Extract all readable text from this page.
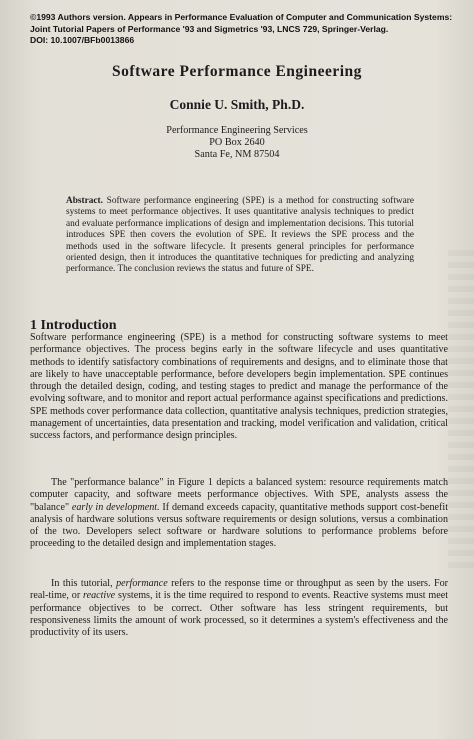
©1993 Authors version. Appears in Performance Evaluation of Computer and Communication Systems:
Joint Tutorial Papers of Performance '93 and Sigmetrics '93, LNCS 729, Springer-Verlag.
DOI: 10.1007/BFb0013866
Software Performance Engineering
Connie U. Smith, Ph.D.
Performance Engineering Services
PO Box 2640
Santa Fe, NM 87504
Abstract. Software performance engineering (SPE) is a method for constructing software systems to meet performance objectives. It uses quantitative analysis techniques to predict and evaluate performance implications of design and implementation decisions. This tutorial introduces SPE then covers the evolution of SPE. It reviews the SPE process and the methods used in the software lifecycle. It presents general principles for performance oriented design, then it introduces the quantitative techniques for predicting and analyzing performance. The conclusion reviews the status and future of SPE.
1 Introduction
Software performance engineering (SPE) is a method for constructing software systems to meet performance objectives. The process begins early in the software lifecycle and uses quantitative methods to identify satisfactory combinations of requirements and designs, and to eliminate those that are likely to have unacceptable performance, before developers begin implementation. SPE continues through the detailed design, coding, and testing stages to predict and manage the performance of the evolving software, and to monitor and report actual performance against specifications and predictions. SPE methods cover performance data collection, quantitative analysis techniques, prediction strategies, management of uncertainties, data presentation and tracking, model verification and validation, critical success factors, and performance design principles.
The "performance balance" in Figure 1 depicts a balanced system: resource requirements match computer capacity, and software meets performance objectives. With SPE, analysts assess the "balance" early in development. If demand exceeds capacity, quantitative methods support cost-benefit analysis of hardware solutions versus software requirements or design solutions, versus a combination of the two. Developers select software or hardware solutions to performance problems before proceeding to the detailed design and implementation stages.
In this tutorial, performance refers to the response time or throughput as seen by the users. For real-time, or reactive systems, it is the time required to respond to events. Reactive systems must meet performance objectives to be correct. Other software has less stringent requirements, but responsiveness limits the amount of work processed, so it determines a system's effectiveness and the productivity of its users.
